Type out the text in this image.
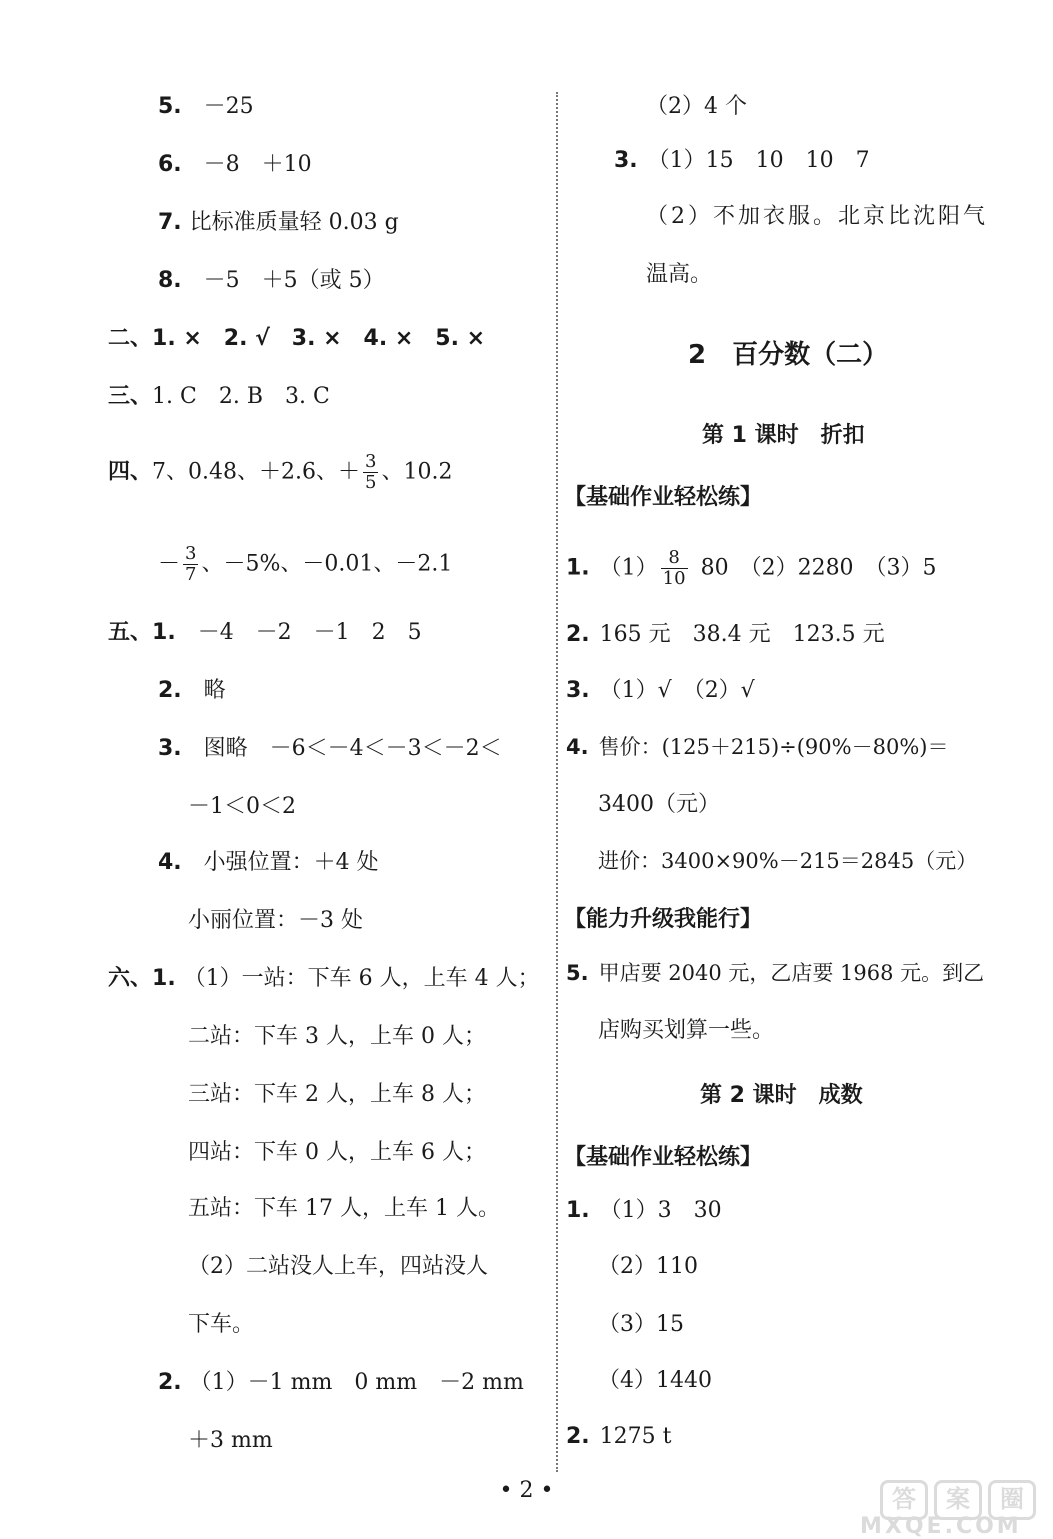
5. －25
6. －8　＋10
7. 比标准质量轻 0.03 g
8. －5　＋5（或 5）
二、1. ×　2. √　3. ×　4. ×　5. ×
三、1. C　2. B　3. C
四、7、0.48、＋2.6、＋ $\frac{3}{5}$ 、10.2
－ $\frac{3}{7}$ 、－5%、－0.01、－2.1
五、1. －4　－2　－1　2　5
2. 略
3. 图略　－6＜－4＜－3＜－2＜
－1＜0＜2
4. 小强位置：＋4 处
小丽位置：－3 处
六、1. （1）一站：下车 6 人，上车 4 人；
二站：下车 3 人，上车 0 人；
三站：下车 2 人，上车 8 人；
四站：下车 0 人，上车 6 人；
五站：下车 17 人，上车 1 人。
（2）二站没人上车，四站没人
下车。
2. （1）－1 mm　0 mm　－2 mm
＋3 mm
（2）4 个
3. （1）15　10　10　7
（2）不加衣服。北京比沈阳气
温高。
2　百分数（二）
第 1 课时　折扣
【基础作业轻松练】
1. $(1) \frac{8}{10} 80$　（2）2280　（3）5
2. 165 元　38.4 元　123.5 元
3. （1）√　（2）√
4. 售价：(125＋215)÷(90%－80%)＝
3400（元）
进价：3400×90%－215＝2845（元）
【能力升级我能行】
5. 甲店要 2040 元，乙店要 1968 元。到乙
店购买划算一些。
第 2 课时　成数
【基础作业轻松练】
1. （1）3　30
（2）110
（3）15
（4）1440
2. 1275 t
• 2 •	答	案	圈
MXQE.COM
